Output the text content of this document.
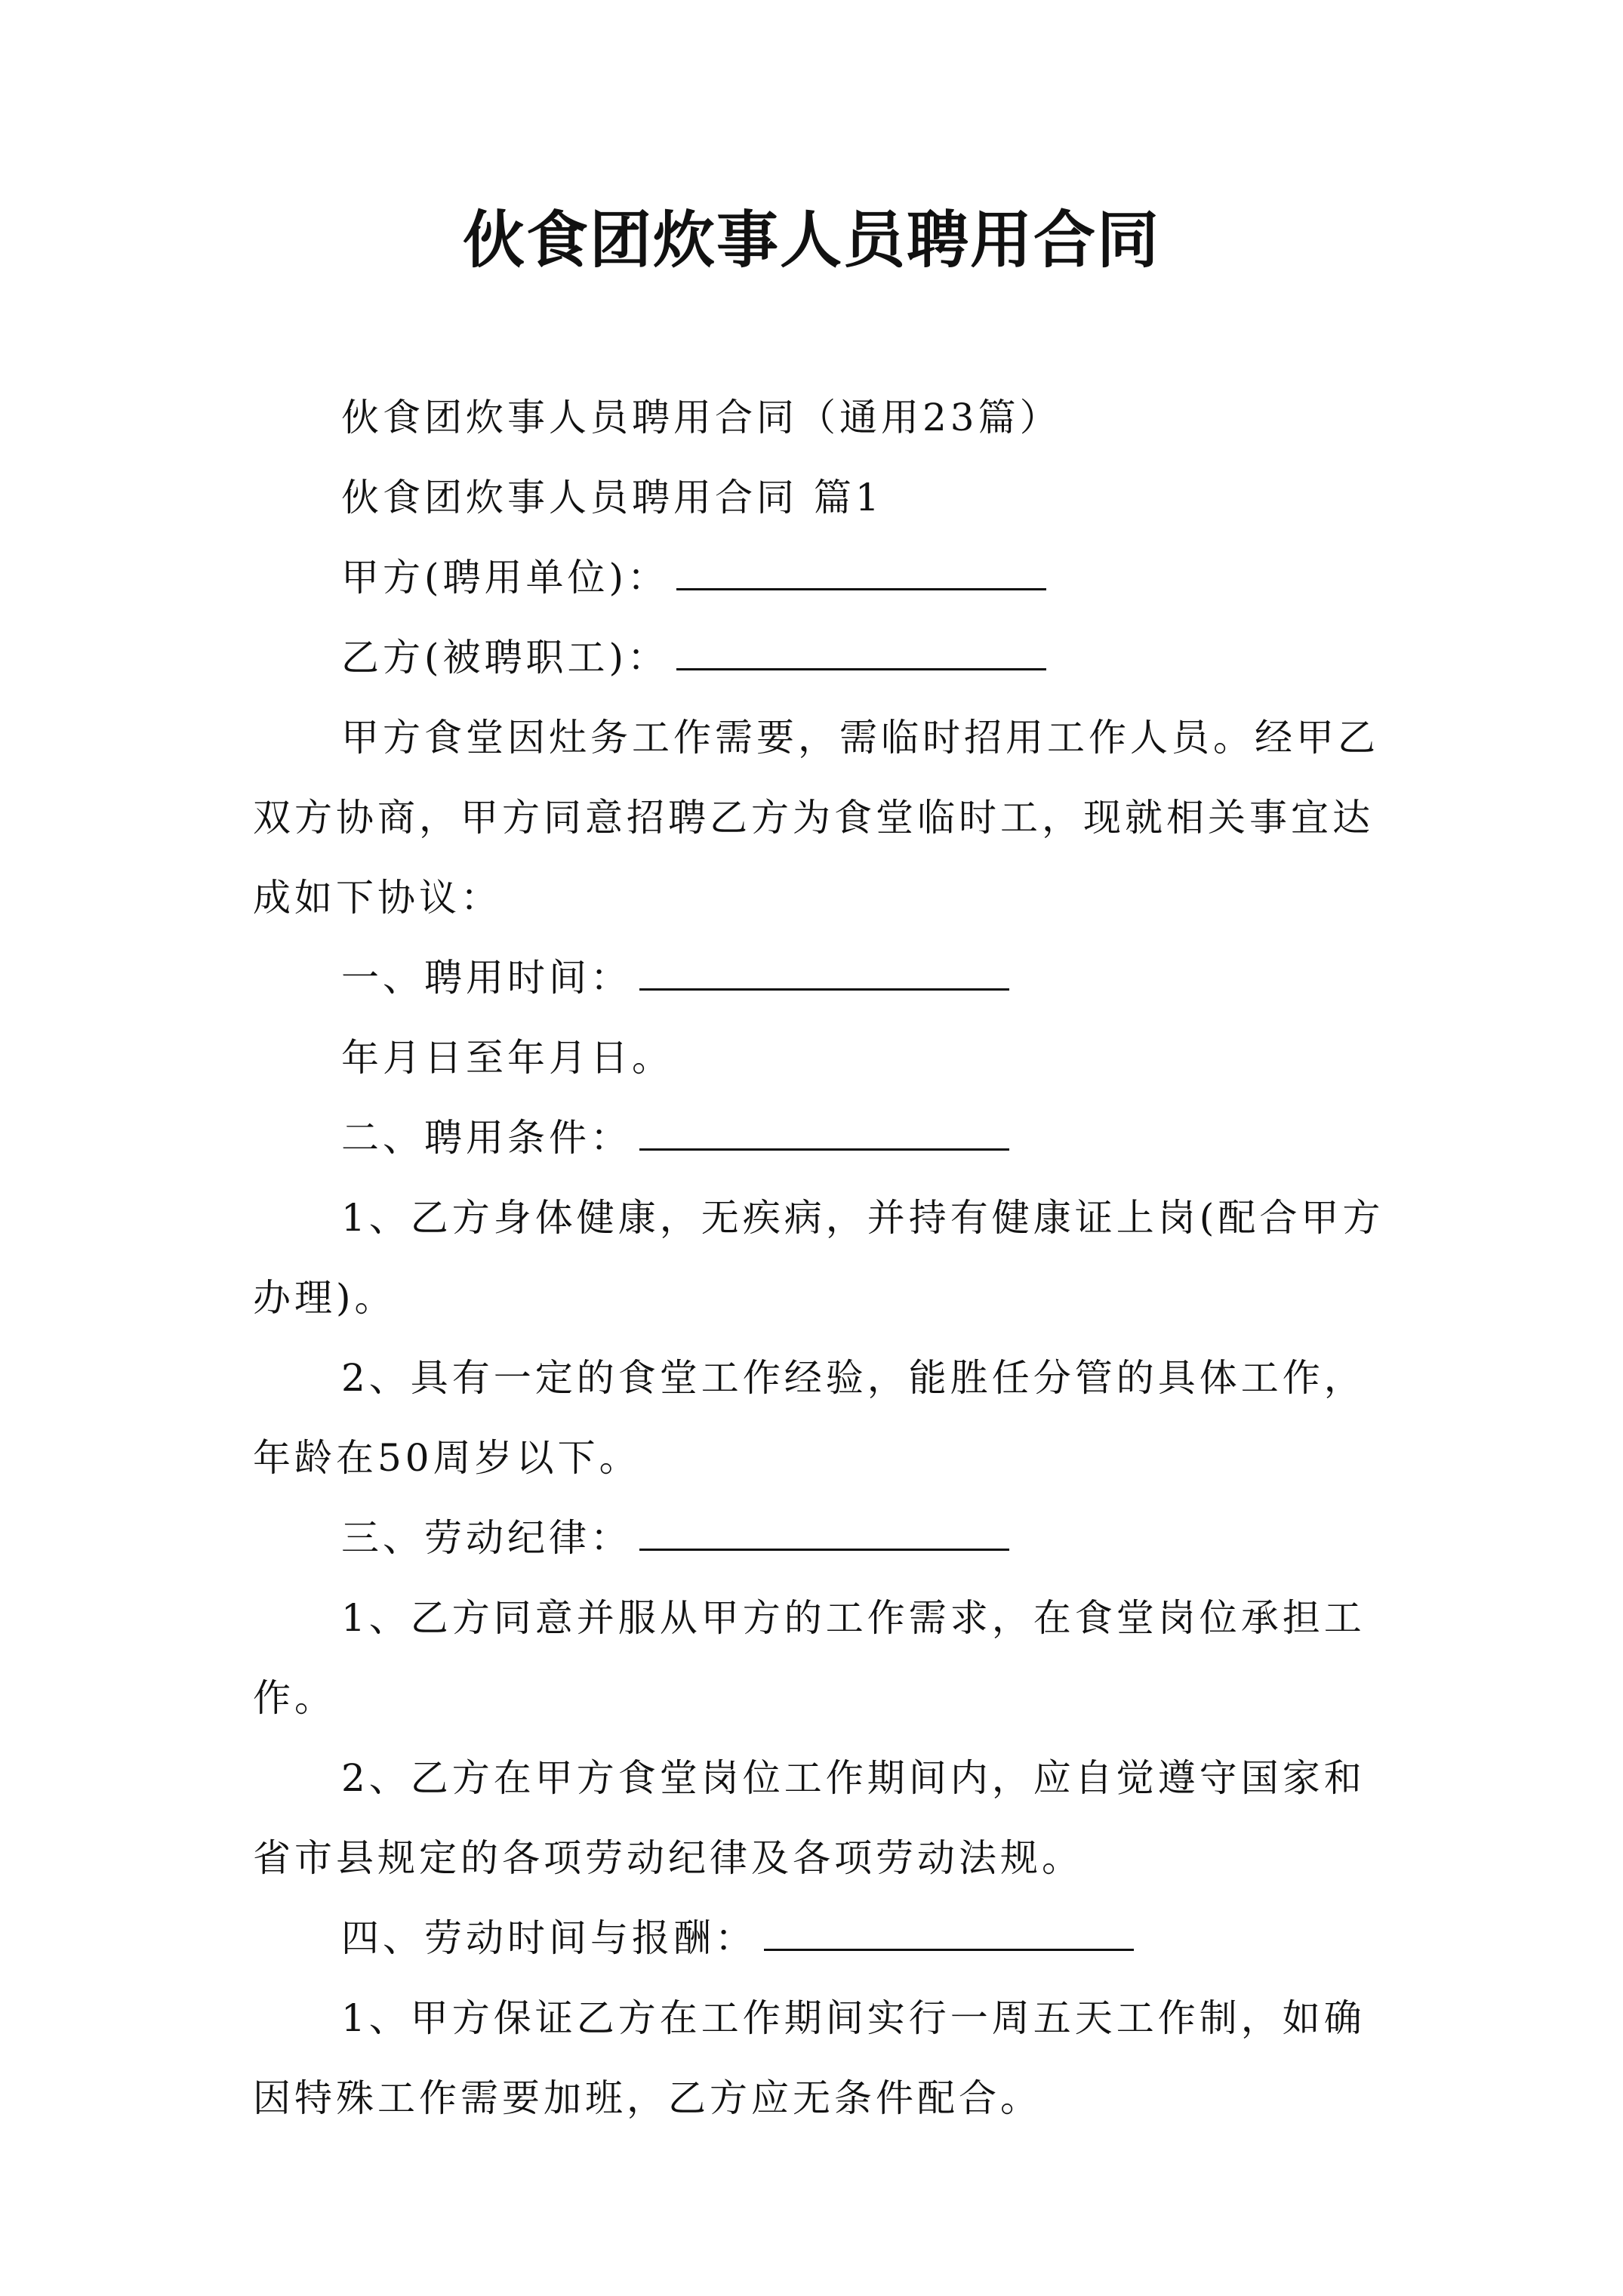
伙食团炊事人员聘用合同

伙食团炊事人员聘用合同（通用23篇）

伙食团炊事人员聘用合同 篇1

甲方(聘用单位)：

乙方(被聘职工)：

甲方食堂因灶务工作需要，需临时招用工作人员。经甲乙双方协商，甲方同意招聘乙方为食堂临时工，现就相关事宜达成如下协议：

一、聘用时间：

年月日至年月日。

二、聘用条件：

1、乙方身体健康，无疾病，并持有健康证上岗(配合甲方办理)。

2、具有一定的食堂工作经验，能胜任分管的具体工作，年龄在50周岁以下。

三、劳动纪律：

1、乙方同意并服从甲方的工作需求，在食堂岗位承担工作。

2、乙方在甲方食堂岗位工作期间内，应自觉遵守国家和省市县规定的各项劳动纪律及各项劳动法规。

四、劳动时间与报酬：

1、甲方保证乙方在工作期间实行一周五天工作制，如确因特殊工作需要加班，乙方应无条件配合。
